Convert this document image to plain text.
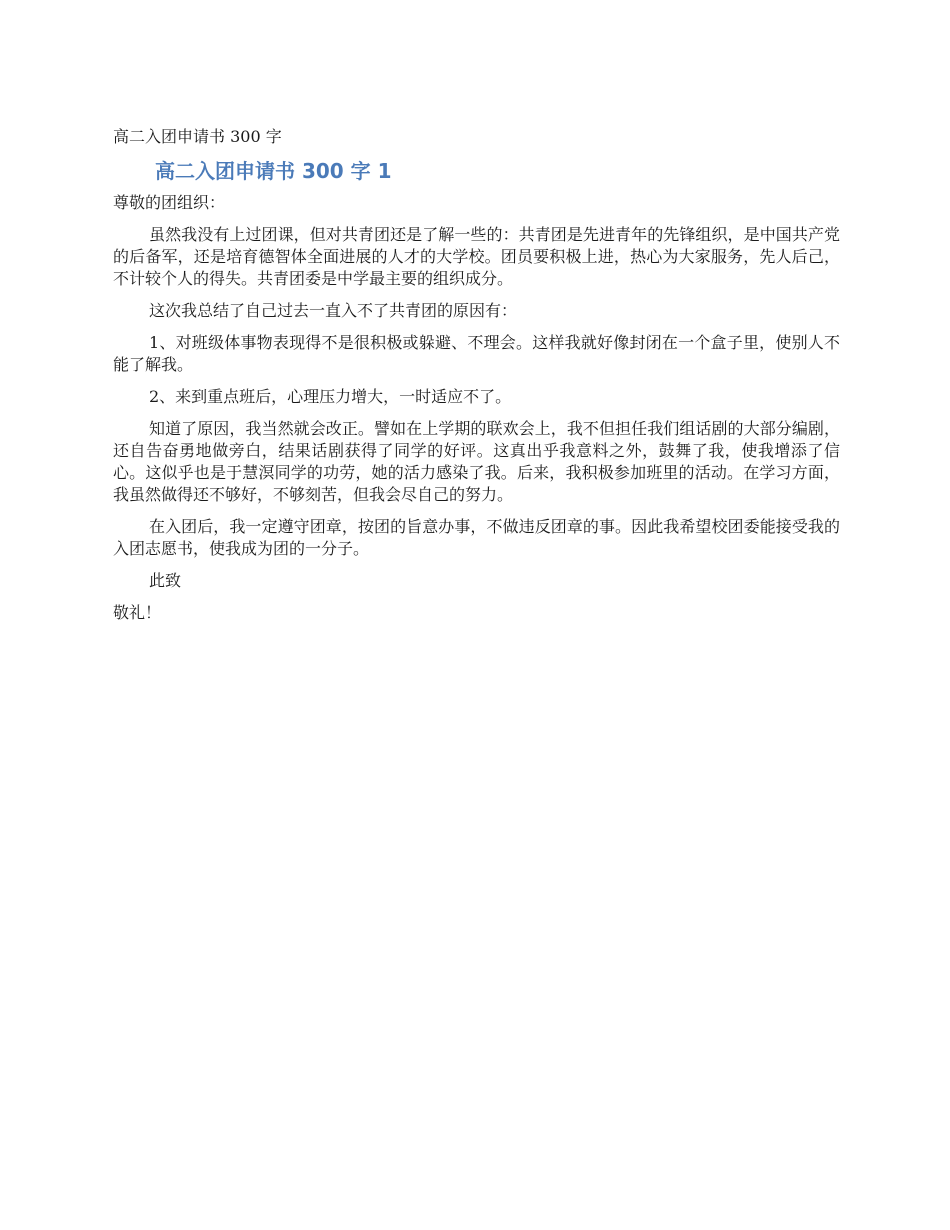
高二入团申请书 300 字

高二入团申请书 300 字 1

尊敬的团组织：

虽然我没有上过团课，但对共青团还是了解一些的：共青团是先进青年的先锋组织，是中国共产党的后备军，还是培育德智体全面进展的人才的大学校。团员要积极上进，热心为大家服务，先人后己，不计较个人的得失。共青团委是中学最主要的组织成分。

这次我总结了自己过去一直入不了共青团的原因有：

1、对班级体事物表现得不是很积极或躲避、不理会。这样我就好像封闭在一个盒子里，使别人不能了解我。

2、来到重点班后，心理压力增大，一时适应不了。

知道了原因，我当然就会改正。譬如在上学期的联欢会上，我不但担任我们组话剧的大部分编剧，还自告奋勇地做旁白，结果话剧获得了同学的好评。这真出乎我意料之外，鼓舞了我，使我增添了信心。这似乎也是于慧溟同学的功劳，她的活力感染了我。后来，我积极参加班里的活动。在学习方面，我虽然做得还不够好，不够刻苦，但我会尽自己的努力。

在入团后，我一定遵守团章，按团的旨意办事，不做违反团章的事。因此我希望校团委能接受我的入团志愿书，使我成为团的一分子。

此致

敬礼！
